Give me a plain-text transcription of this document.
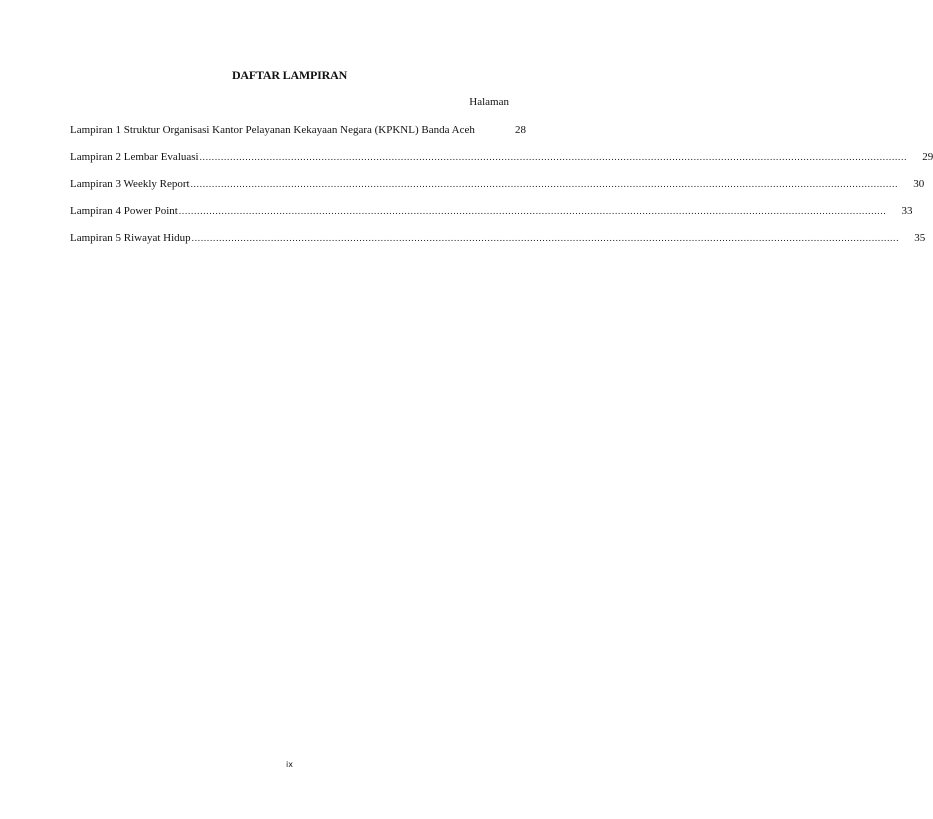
DAFTAR LAMPIRAN
Halaman
Lampiran 1 Struktur Organisasi Kantor Pelayanan Kekayaan Negara (KPKNL) Banda Aceh	28
Lampiran 2 Lembar Evaluasi ........................................................................................................................................................................................................................................	29
Lampiran 3 Weekly Report ........................................................................................................................................................................................................................................	30
Lampiran 4 Power Point ........................................................................................................................................................................................................................................	33
Lampiran 5 Riwayat Hidup ........................................................................................................................................................................................................................................	35
ix
